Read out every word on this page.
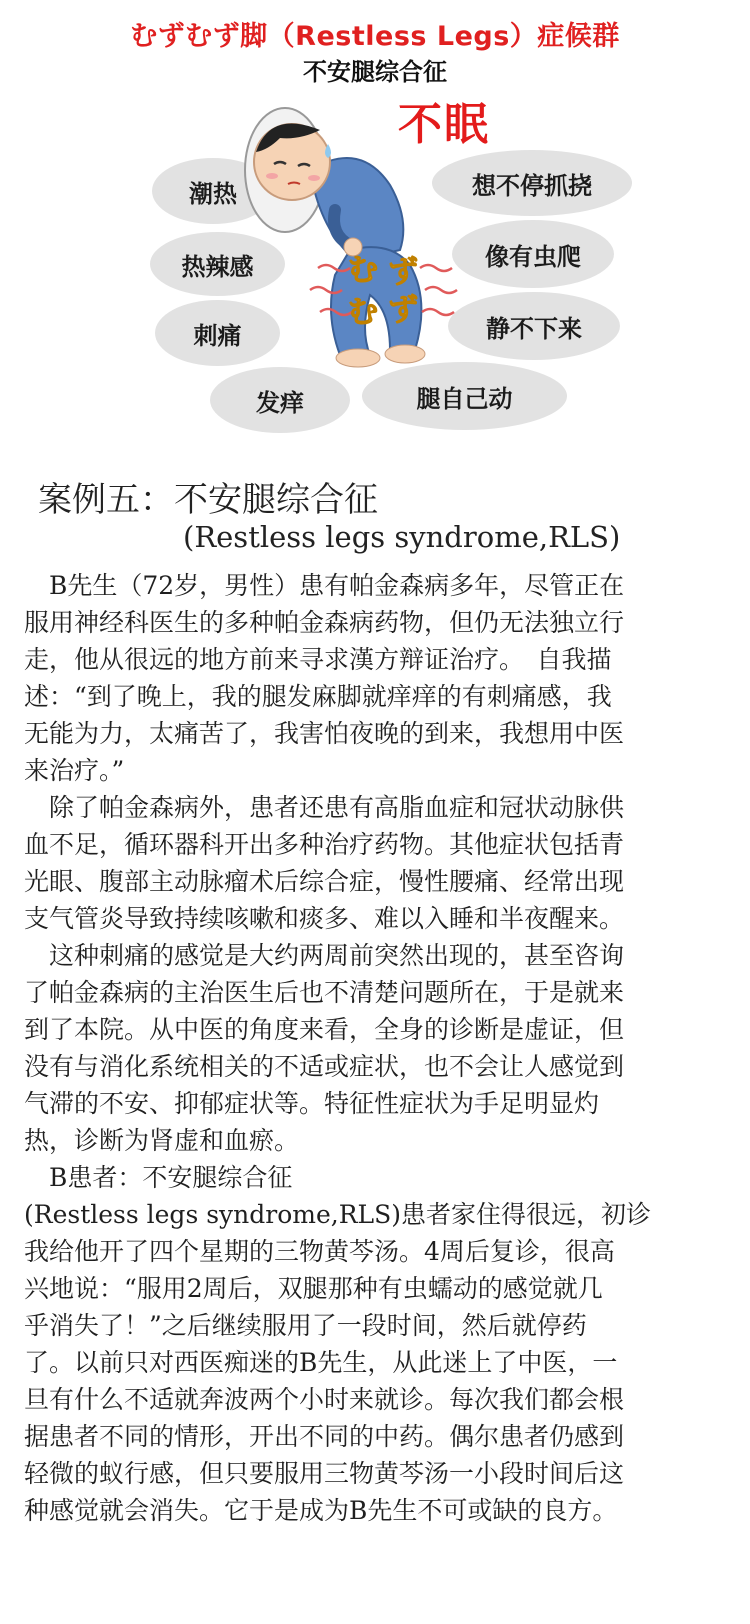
むずむず脚（Restless Legs）症候群
不安腿综合征
潮热
热辣感
刺痛
发痒	腿自己动
想不停抓挠
像有虫爬
静不下来
む ず
む ず
不眠
案例五：不安腿综合征
(Restless legs syndrome,RLS)
　B先生（72岁，男性）患有帕金森病多年，尽管正在
服用神经科医生的多种帕金森病药物，但仍无法独立行
走，他从很远的地方前来寻求漢方辩证治疗。　自我描
述：“到了晚上，我的腿发麻脚就痒痒的有刺痛感，我
无能为力，太痛苦了，我害怕夜晚的到来，我想用中医
来治疗。”
　除了帕金森病外，患者还患有高脂血症和冠状动脉供
血不足，循环器科开出多种治疗药物。其他症状包括青
光眼、腹部主动脉瘤术后综合症，慢性腰痛、经常出现
支气管炎导致持续咳嗽和痰多、难以入睡和半夜醒来。
　这种刺痛的感觉是大约两周前突然出现的，甚至咨询
了帕金森病的主治医生后也不清楚问题所在，于是就来
到了本院。从中医的角度来看，全身的诊断是虚证，但
没有与消化系统相关的不适或症状，也不会让人感觉到
气滞的不安、抑郁症状等。特征性症状为手足明显灼
热，诊断为肾虚和血瘀。
　B患者：不安腿综合征
(Restless legs syndrome,RLS)患者家住得很远，初诊
我给他开了四个星期的三物黄芩汤。4周后复诊，很高
兴地说：“服用2周后，双腿那种有虫蠕动的感觉就几
乎消失了！”之后继续服用了一段时间，然后就停药
了。以前只对西医痴迷的B先生，从此迷上了中医，一
旦有什么不适就奔波两个小时来就诊。每次我们都会根
据患者不同的情形，开出不同的中药。偶尔患者仍感到
轻微的蚁行感，但只要服用三物黄芩汤一小段时间后这
种感觉就会消失。它于是成为B先生不可或缺的良方。
